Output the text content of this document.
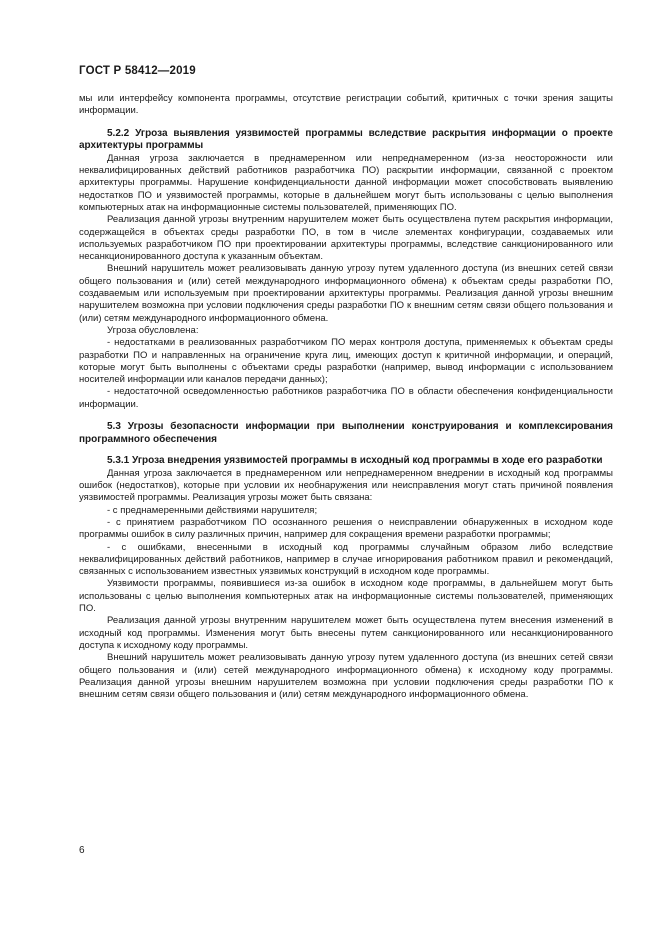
ГОСТ Р 58412—2019

мы или интерфейсу компонента программы, отсутствие регистрации событий, критичных с точки зрения защиты информации.

5.2.2 Угроза выявления уязвимостей программы вследствие раскрытия информации о проекте архитектуры программы

Данная угроза заключается в преднамеренном или непреднамеренном (из-за неосторожности или неквалифицированных действий работников разработчика ПО) раскрытии информации, связанной с проектом архитектуры программы. Нарушение конфиденциальности данной информации может способствовать выявлению недостатков ПО и уязвимостей программы, которые в дальнейшем могут быть использованы с целью выполнения компьютерных атак на информационные системы пользователей, применяющих ПО.

Реализация данной угрозы внутренним нарушителем может быть осуществлена путем раскрытия информации, содержащейся в объектах среды разработки ПО, в том в числе элементах конфигурации, создаваемых или используемых разработчиком ПО при проектировании архитектуры программы, вследствие санкционированного или несанкционированного доступа к указанным объектам.

Внешний нарушитель может реализовывать данную угрозу путем удаленного доступа (из внешних сетей связи общего пользования и (или) сетей международного информационного обмена) к объектам среды разработки ПО, создаваемым или используемым при проектировании архитектуры программы. Реализация данной угрозы внешним нарушителем возможна при условии подключения среды разработки ПО к внешним сетям связи общего пользования и (или) сетям международного информационного обмена.

Угроза обусловлена:

- недостатками в реализованных разработчиком ПО мерах контроля доступа, применяемых к объектам среды разработки ПО и направленных на ограничение круга лиц, имеющих доступ к критичной информации, и операций, которые могут быть выполнены с объектами среды разработки (например, вывод информации с использованием носителей информации или каналов передачи данных);

- недостаточной осведомленностью работников разработчика ПО в области обеспечения конфиденциальности информации.

5.3 Угрозы безопасности информации при выполнении конструирования и комплексирования программного обеспечения

5.3.1 Угроза внедрения уязвимостей программы в исходный код программы в ходе его разработки

Данная угроза заключается в преднамеренном или непреднамеренном внедрении в исходный код программы ошибок (недостатков), которые при условии их необнаружения или неисправления могут стать причиной появления уязвимостей программы. Реализация угрозы может быть связана:

- с преднамеренными действиями нарушителя;

- с принятием разработчиком ПО осознанного решения о неисправлении обнаруженных в исходном коде программы ошибок в силу различных причин, например для сокращения времени разработки программы;

- с ошибками, внесенными в исходный код программы случайным образом либо вследствие неквалифицированных действий работников, например в случае игнорирования работником правил и рекомендаций, связанных с использованием известных уязвимых конструкций в исходном коде программы.

Уязвимости программы, появившиеся из-за ошибок в исходном коде программы, в дальнейшем могут быть использованы с целью выполнения компьютерных атак на информационные системы пользователей, применяющих ПО.

Реализация данной угрозы внутренним нарушителем может быть осуществлена путем внесения изменений в исходный код программы. Изменения могут быть внесены путем санкционированного или несанкционированного доступа к исходному коду программы.

Внешний нарушитель может реализовывать данную угрозу путем удаленного доступа (из внешних сетей связи общего пользования и (или) сетей международного информационного обмена) к исходному коду программы. Реализация данной угрозы внешним нарушителем возможна при условии подключения среды разработки ПО к внешним сетям связи общего пользования и (или) сетям международного информационного обмена.

6
